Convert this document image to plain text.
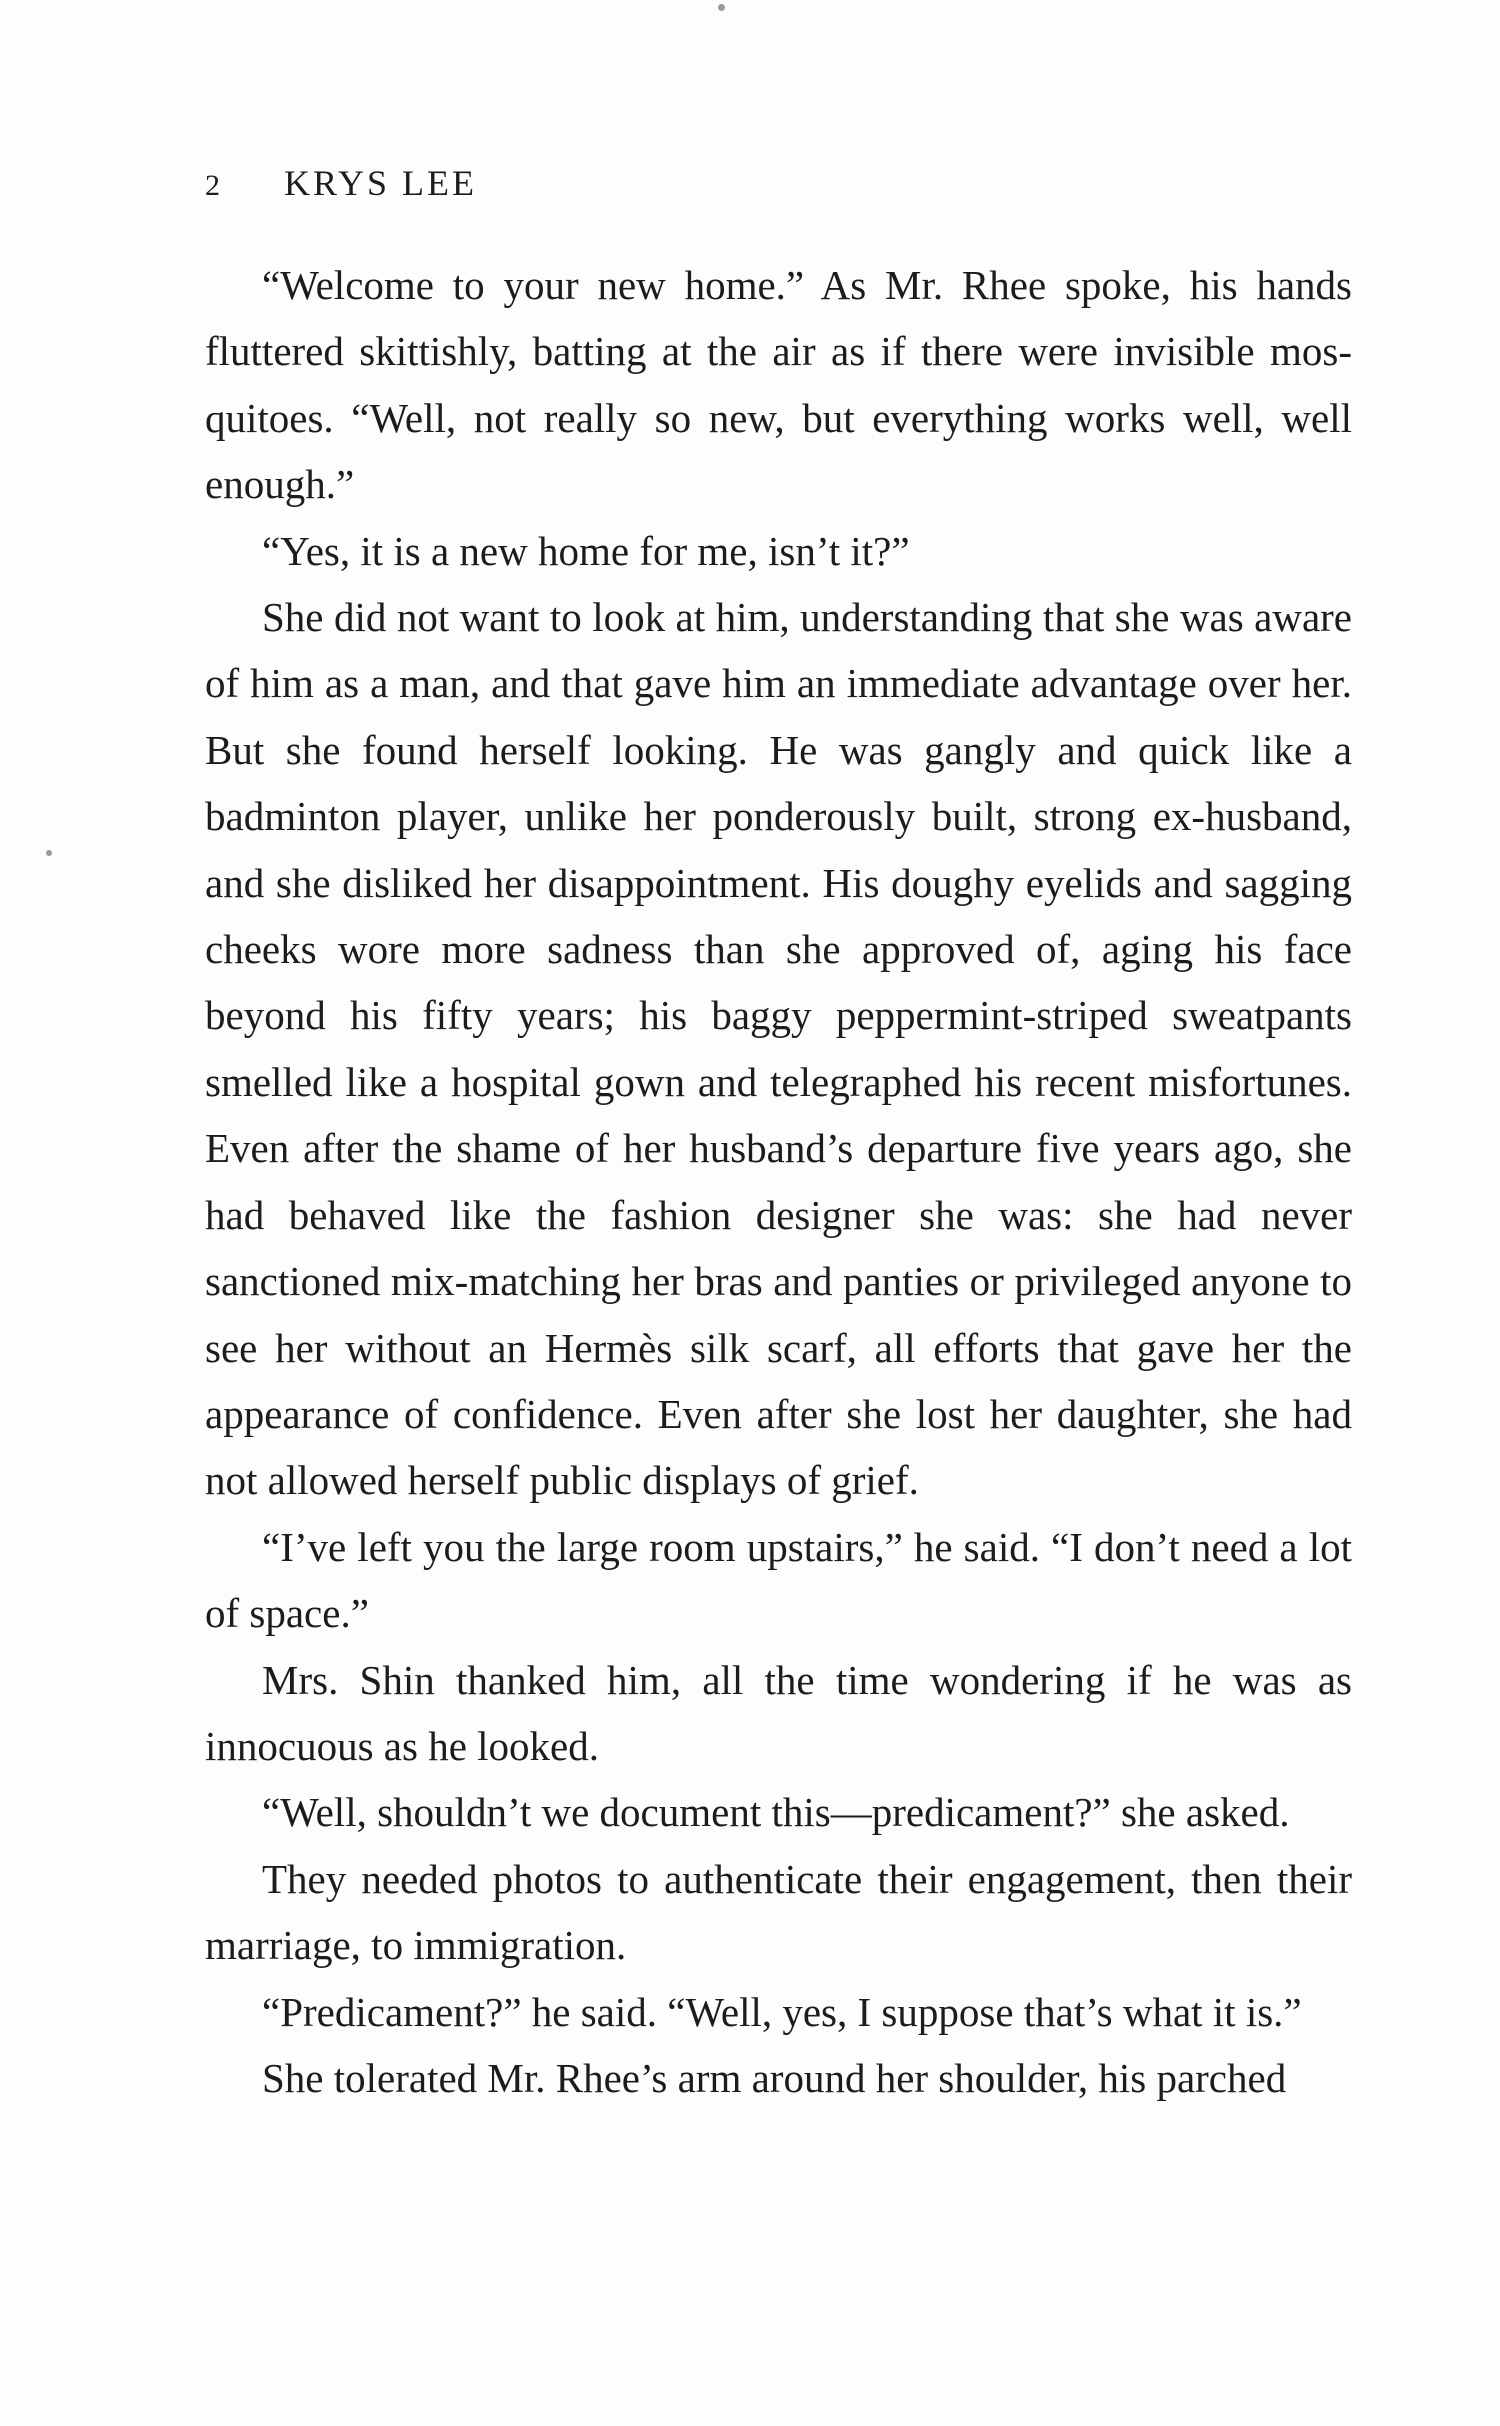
2 KRYS LEE

“Welcome to your new home.” As Mr. Rhee spoke, his hands fluttered skittishly, batting at the air as if there were invisible mosquitoes. “Well, not really so new, but everything works well, well enough.”

“Yes, it is a new home for me, isn’t it?”

She did not want to look at him, understanding that she was aware of him as a man, and that gave him an immediate advantage over her. But she found herself looking. He was gangly and quick like a badminton player, unlike her ponderously built, strong ex-husband, and she disliked her disappointment. His doughy eyelids and sagging cheeks wore more sadness than she approved of, aging his face beyond his fifty years; his baggy peppermint-striped sweatpants smelled like a hospital gown and telegraphed his recent misfortunes. Even after the shame of her husband’s departure five years ago, she had behaved like the fashion designer she was: she had never sanctioned mix-matching her bras and panties or privileged anyone to see her without an Hermès silk scarf, all efforts that gave her the appearance of confidence. Even after she lost her daughter, she had not allowed herself public displays of grief.

“I’ve left you the large room upstairs,” he said. “I don’t need a lot of space.”

Mrs. Shin thanked him, all the time wondering if he was as innocuous as he looked.

“Well, shouldn’t we document this—predicament?” she asked.

They needed photos to authenticate their engagement, then their marriage, to immigration.

“Predicament?” he said. “Well, yes, I suppose that’s what it is.”

She tolerated Mr. Rhee’s arm around her shoulder, his parched
